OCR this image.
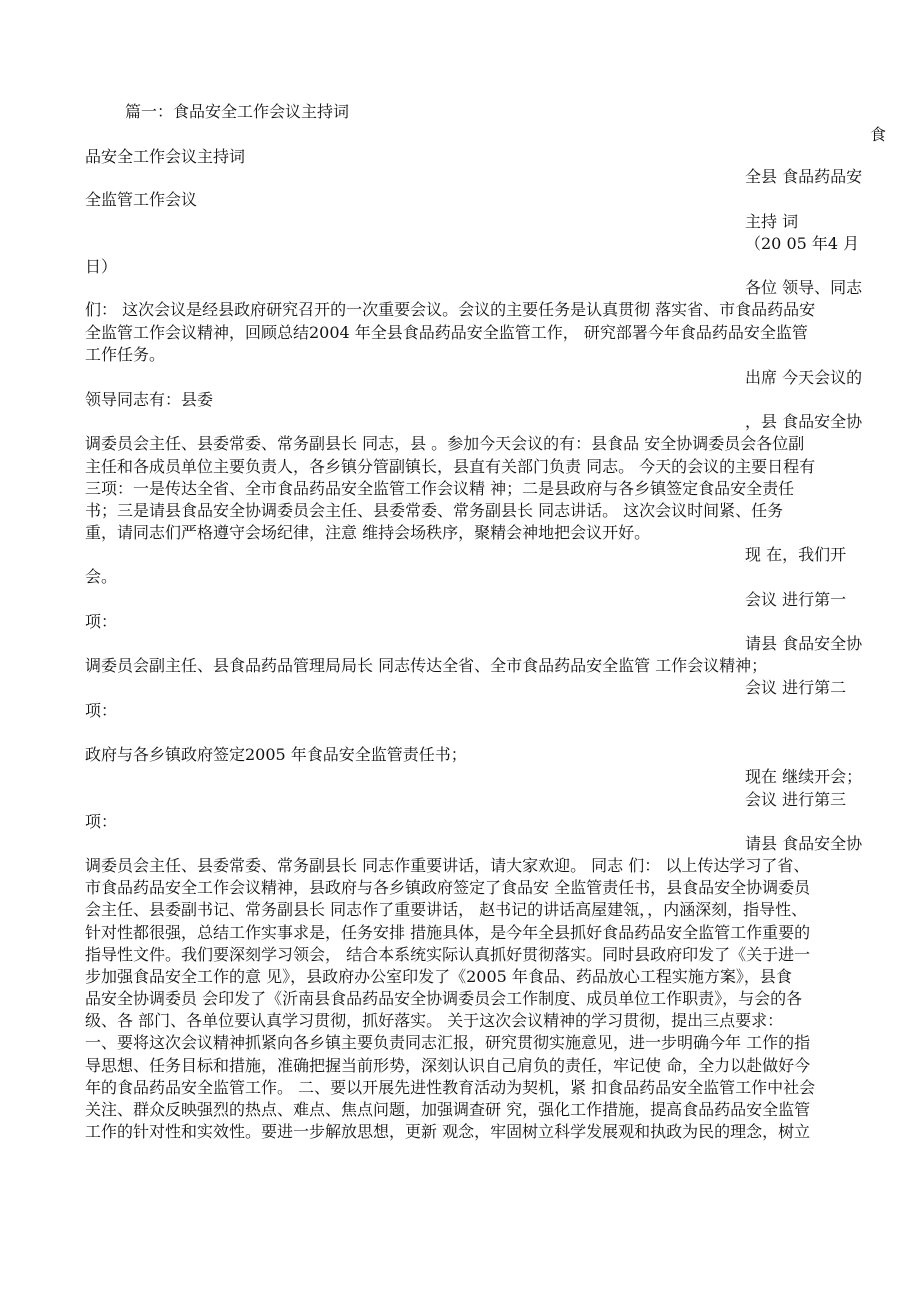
篇一：食品安全工作会议主持词
食
品安全工作会议主持词
全县 食品药品安
全监管工作会议
主持 词
（20 05 年4 月
日）
各位 领导、同志
们： 这次会议是经县政府研究召开的一次重要会议。会议的主要任务是认真贯彻 落实省、市食品药品安
全监管工作会议精神，回顾总结2004 年全县食品药品安全监管工作， 研究部署今年食品药品安全监管
工作任务。
出席 今天会议的
领导同志有：县委
，县 食品安全协
调委员会主任、县委常委、常务副县长 同志，县 。参加今天会议的有：县食品 安全协调委员会各位副
主任和各成员单位主要负责人，各乡镇分管副镇长，县直有关部门负责 同志。 今天的会议的主要日程有
三项：一是传达全省、全市食品药品安全监管工作会议精 神；二是县政府与各乡镇签定食品安全责任
书；三是请县食品安全协调委员会主任、县委常委、常务副县长 同志讲话。 这次会议时间紧、任务
重，请同志们严格遵守会场纪律，注意 维持会场秩序，聚精会神地把会议开好。
现 在，我们开
会。
会议 进行第一
项：
请县 食品安全协
调委员会副主任、县食品药品管理局局长 同志传达全省、全市食品药品安全监管 工作会议精神；
会议 进行第二
项：
政府与各乡镇政府签定2005 年食品安全监管责任书；
现在 继续开会；
会议 进行第三
项：
请县 食品安全协
调委员会主任、县委常委、常务副县长 同志作重要讲话，请大家欢迎。 同志 们： 以上传达学习了省、
市食品药品安全工作会议精神，县政府与各乡镇政府签定了食品安 全监管责任书，县食品安全协调委员
会主任、县委副书记、常务副县长 同志作了重要讲话， 赵书记的讲话高屋建瓴，，内涵深刻，指导性、
针对性都很强，总结工作实事求是，任务安排 措施具体，是今年全县抓好食品药品安全监管工作重要的
指导性文件。我们要深刻学习领会， 结合本系统实际认真抓好贯彻落实。同时县政府印发了《关于进一
步加强食品安全工作的意 见》，县政府办公室印发了《2005 年食品、药品放心工程实施方案》，县食
品安全协调委员 会印发了《沂南县食品药品安全协调委员会工作制度、成员单位工作职责》，与会的各
级、各 部门、各单位要认真学习贯彻，抓好落实。 关于这次会议精神的学习贯彻，提出三点要求：
一、要将这次会议精神抓紧向各乡镇主要负责同志汇报，研究贯彻实施意见，进一步明确今年 工作的指
导思想、任务目标和措施，准确把握当前形势，深刻认识自己肩负的责任，牢记使 命，全力以赴做好今
年的食品药品安全监管工作。 二、要以开展先进性教育活动为契机，紧 扣食品药品安全监管工作中社会
关注、群众反映强烈的热点、难点、焦点问题，加强调查研 究，强化工作措施，提高食品药品安全监管
工作的针对性和实效性。要进一步解放思想，更新 观念，牢固树立科学发展观和执政为民的理念，树立
